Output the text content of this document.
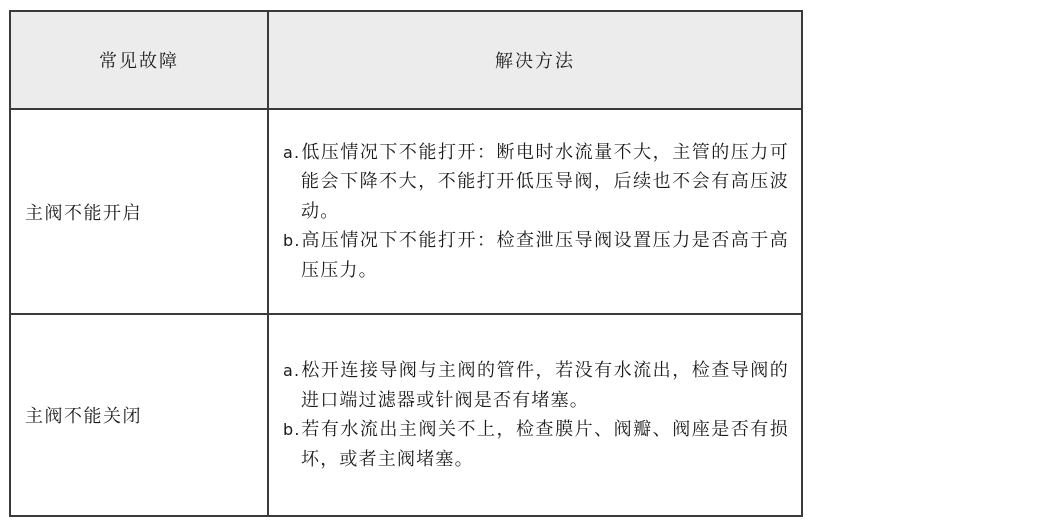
常见故障	解决方法
主阀不能开启	a.低压情况下不能打开：断电时水流量不大，主管的压力可能会下降不大，不能打开低压导阀，后续也不会有高压波动。
b.高压情况下不能打开：检查泄压导阀设置压力是否高于高压压力。

主阀不能关闭	a.松开连接导阀与主阀的管件，若没有水流出，检查导阀的进口端过滤器或针阀是否有堵塞。
b.若有水流出主阀关不上，检查膜片、阀瓣、阀座是否有损坏，或者主阀堵塞。
